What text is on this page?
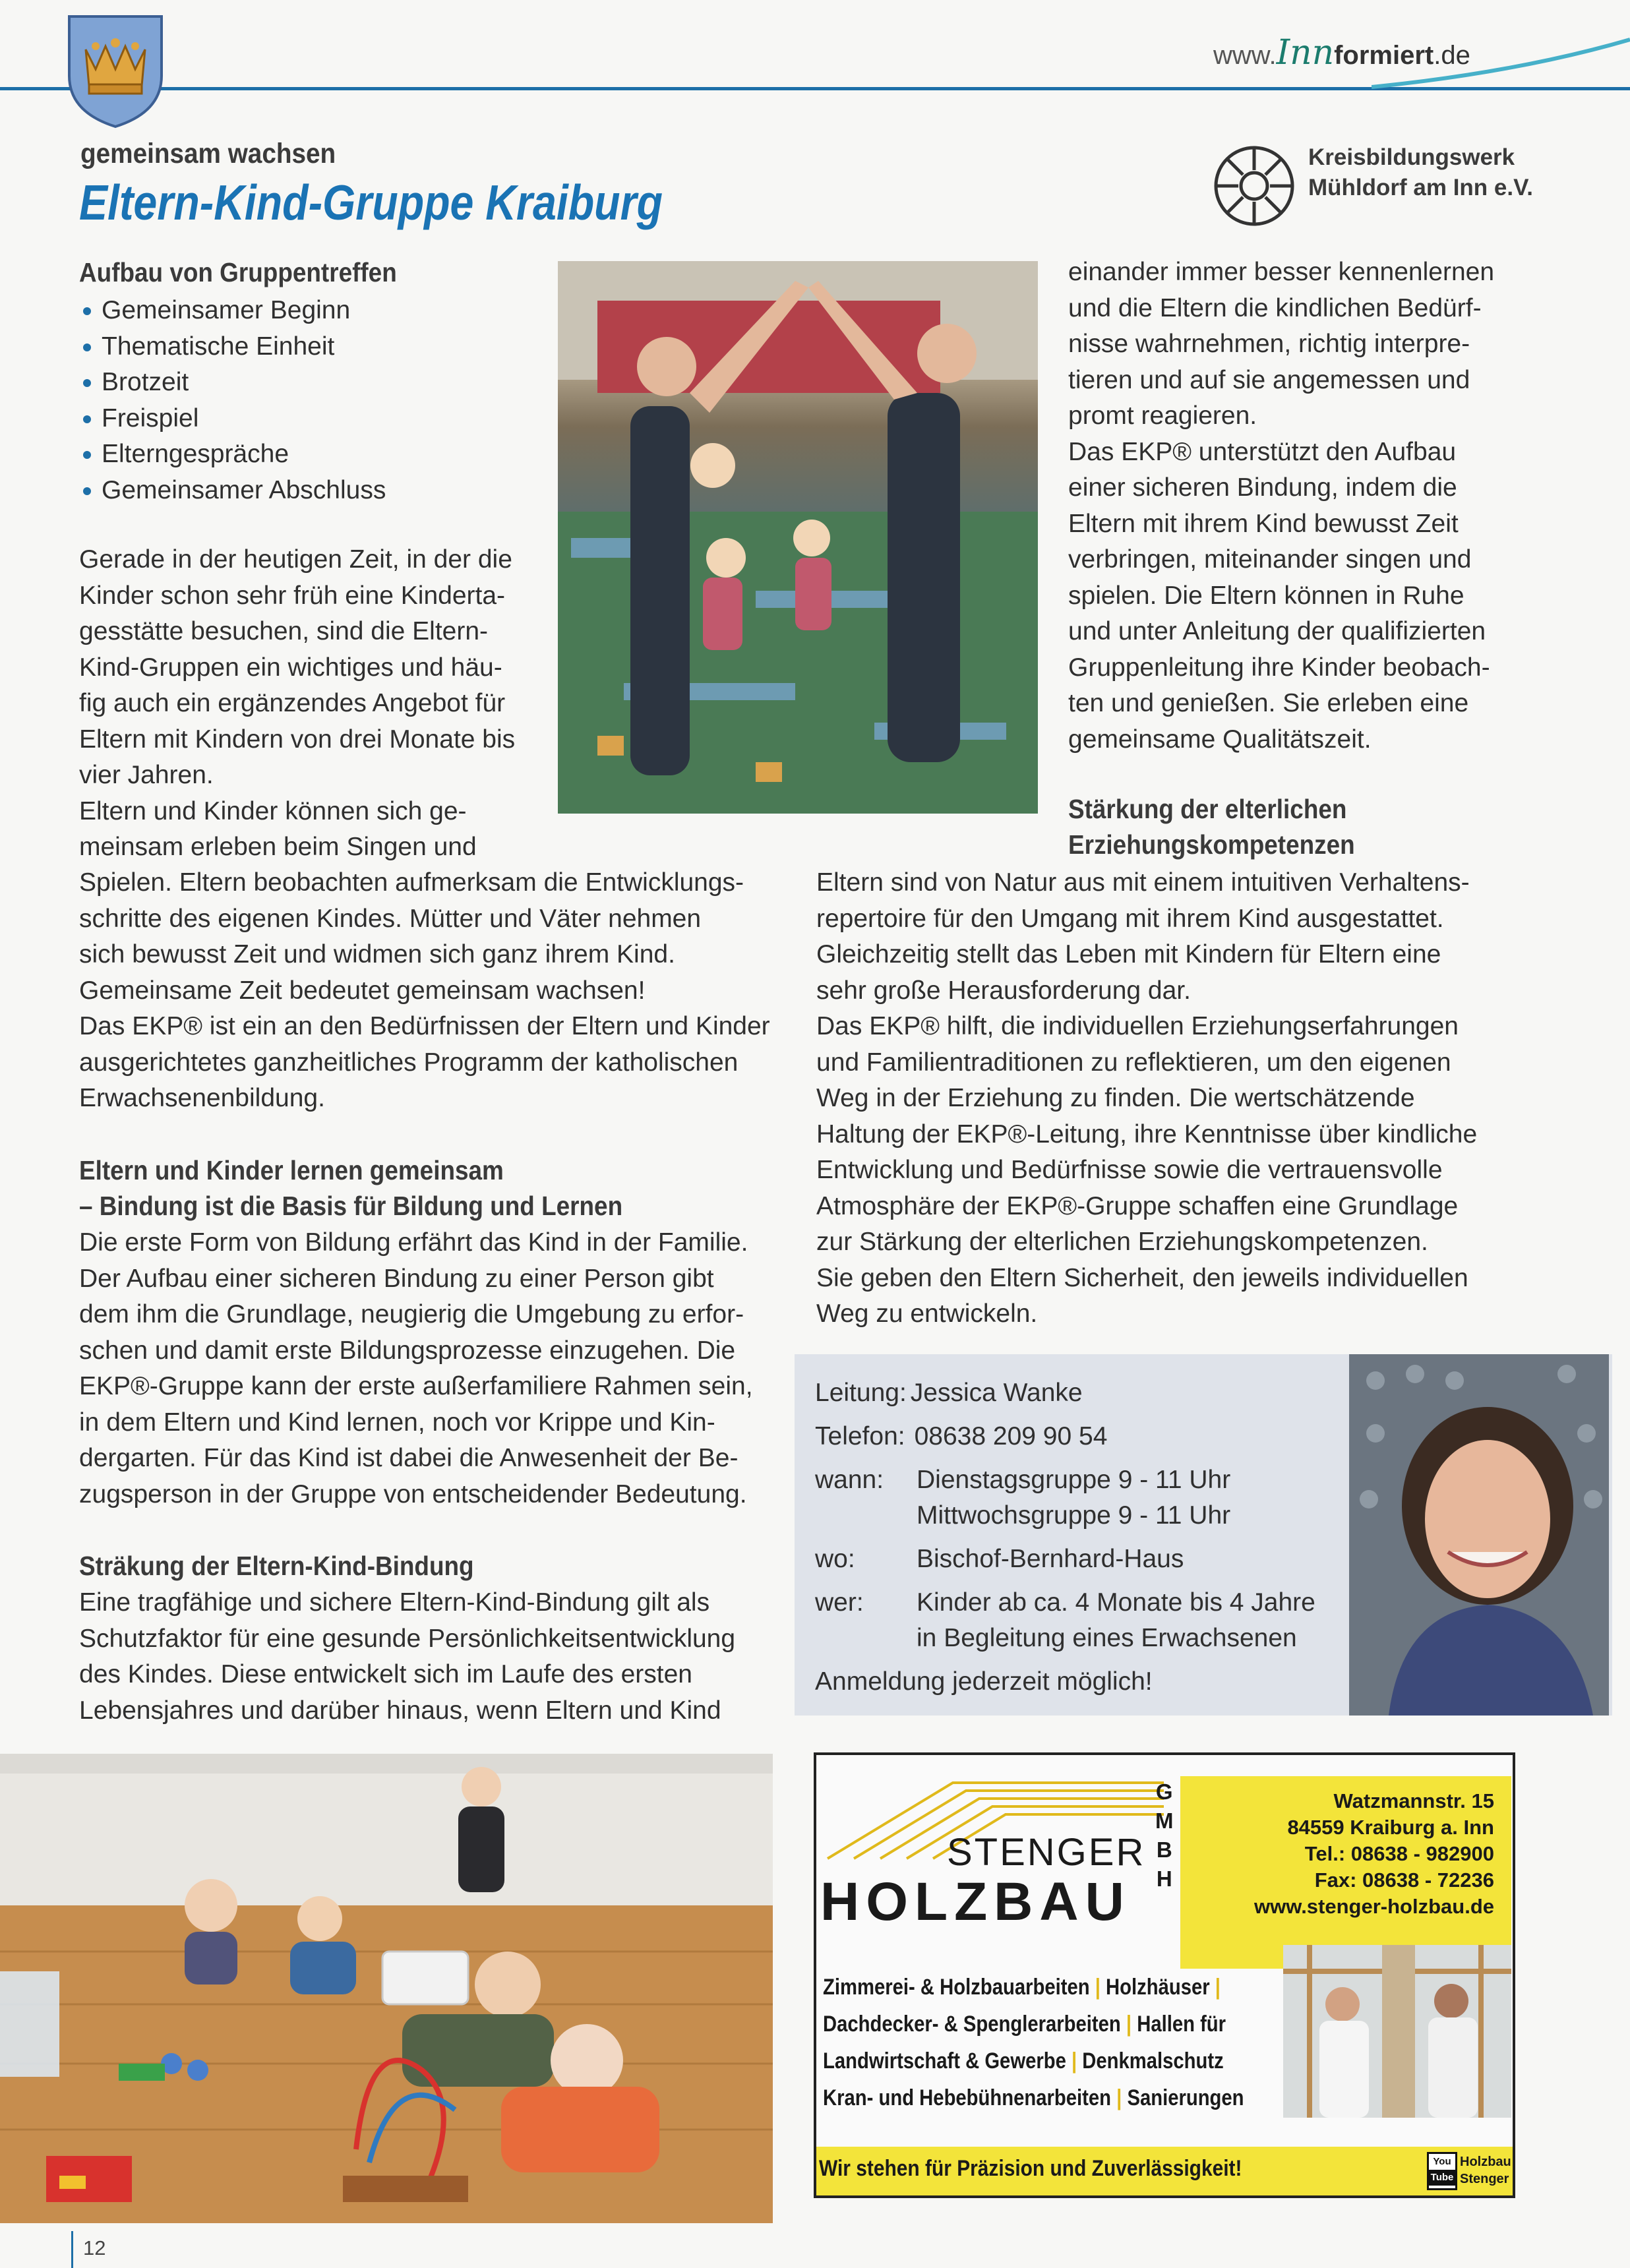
www.Innformiert.de
Kreisbildungswerk
Mühldorf am Inn e.V.
gemeinsam wachsen
Eltern-Kind-Gruppe Kraiburg
Aufbau von Gruppentreffen
Gemeinsamer Beginn
Thematische Einheit
Brotzeit
Freispiel
Elterngespräche
Gemeinsamer Abschluss
Gerade in der heutigen Zeit, in der die
Kinder schon sehr früh eine Kinderta-
gesstätte besuchen, sind die Eltern-
Kind-Gruppen ein wichtiges und häu-
fig auch ein ergänzendes Angebot für
Eltern mit Kindern von drei Monate bis
vier Jahren.
Eltern und Kinder können sich ge-
meinsam erleben beim Singen und
Spielen. Eltern beobachten aufmerksam die Entwicklungs-
schritte des eigenen Kindes. Mütter und Väter nehmen
sich bewusst Zeit und widmen sich ganz ihrem Kind.
Gemeinsame Zeit bedeutet gemeinsam wachsen!
Das EKP® ist ein an den Bedürfnissen der Eltern und Kinder
ausgerichtetes ganzheitliches Programm der katholischen
Erwachsenenbildung.
Eltern und Kinder lernen gemeinsam
– Bindung ist die Basis für Bildung und Lernen
Die erste Form von Bildung erfährt das Kind in der Familie.
Der Aufbau einer sicheren Bindung zu einer Person gibt
dem ihm die Grundlage, neugierig die Umgebung zu erfor-
schen und damit erste Bildungsprozesse einzugehen. Die
EKP®-Gruppe kann der erste außerfamiliere Rahmen sein,
in dem Eltern und Kind lernen, noch vor Krippe und Kin-
dergarten. Für das Kind ist dabei die Anwesenheit der Be-
zugsperson in der Gruppe von entscheidender Bedeutung.
Sträkung der Eltern-Kind-Bindung
Eine tragfähige und sichere Eltern-Kind-Bindung gilt als
Schutzfaktor für eine gesunde Persönlichkeitsentwicklung
des Kindes. Diese entwickelt sich im Laufe des ersten
Lebensjahres und darüber hinaus, wenn Eltern und Kind
einander immer besser kennenlernen
und die Eltern die kindlichen Bedürf-
nisse wahrnehmen, richtig interpre-
tieren und auf sie angemessen und
promt reagieren.
Das EKP® unterstützt den Aufbau
einer sicheren Bindung, indem die
Eltern mit ihrem Kind bewusst Zeit
verbringen, miteinander singen und
spielen. Die Eltern können in Ruhe
und unter Anleitung der qualifizierten
Gruppenleitung ihre Kinder beobach-
ten und genießen. Sie erleben eine
gemeinsame Qualitätszeit.
Stärkung der elterlichen
Erziehungskompetenzen
Eltern sind von Natur aus mit einem intuitiven Verhaltens-
repertoire für den Umgang mit ihrem Kind ausgestattet.
Gleichzeitig stellt das Leben mit Kindern für Eltern eine
sehr große Herausforderung dar.
Das EKP® hilft, die individuellen Erziehungserfahrungen
und Familientraditionen zu reflektieren, um den eigenen
Weg in der Erziehung zu finden. Die wertschätzende
Haltung der EKP®-Leitung, ihre Kenntnisse über kindliche
Entwicklung und Bedürfnisse sowie die vertrauensvolle
Atmosphäre der EKP®-Gruppe schaffen eine Grundlage
zur Stärkung der elterlichen Erziehungskompetenzen.
Sie geben den Eltern Sicherheit, den jeweils individuellen
Weg zu entwickeln.
Leitung: Jessica Wanke
Telefon: 08638 209 90 54
wann:	Dienstagsgruppe 9 - 11 Uhr
Mittwochsgruppe 9 - 11 Uhr
wo:	Bischof-Bernhard-Haus
wer:	Kinder ab ca. 4 Monate bis 4 Jahre
in Begleitung eines Erwachsenen
Anmeldung jederzeit möglich!
STENGER
HOLZBAU
G
M
B
H
Watzmannstr. 15
84559 Kraiburg a. Inn
Tel.: 08638 - 982900
Fax: 08638 - 72236
www.stenger-holzbau.de
Zimmerei- & Holzbauarbeiten | Holzhäuser |
Dachdecker- & Spenglerarbeiten | Hallen für
Landwirtschaft & Gewerbe | Denkmalschutz
Kran- und Hebebühnenarbeiten | Sanierungen
Wir stehen für Präzision und Zuverlässigkeit!	You
Tube
Holzbau
Stenger
12
